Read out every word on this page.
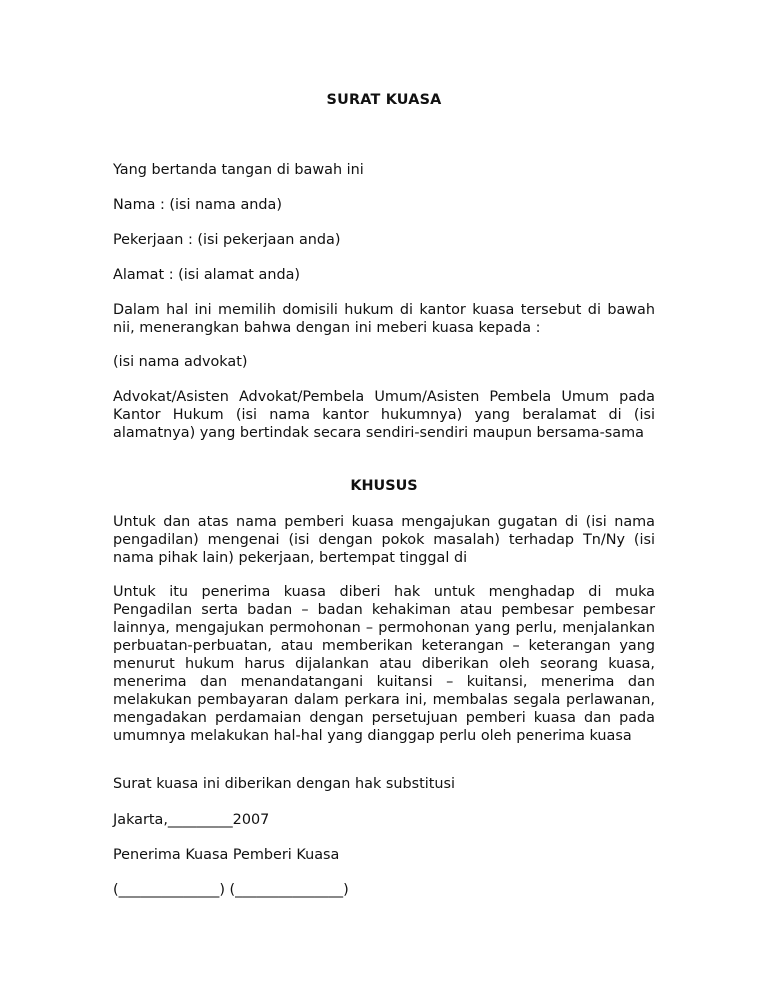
SURAT KUASA

Yang bertanda tangan di bawah ini

Nama : (isi nama anda)

Pekerjaan : (isi pekerjaan anda)

Alamat : (isi alamat anda)

Dalam hal ini memilih domisili hukum di kantor kuasa tersebut di bawah nii, menerangkan bahwa dengan ini meberi kuasa kepada :

(isi nama advokat)

Advokat/Asisten Advokat/Pembela Umum/Asisten Pembela Umum pada Kantor Hukum (isi nama kantor hukumnya) yang beralamat di (isi alamatnya) yang bertindak secara sendiri-sendiri maupun bersama-sama

KHUSUS

Untuk dan atas nama pemberi kuasa mengajukan gugatan di (isi nama pengadilan) mengenai (isi dengan pokok masalah) terhadap Tn/Ny (isi nama pihak lain) pekerjaan, bertempat tinggal di

Untuk itu penerima kuasa diberi hak untuk menghadap di muka Pengadilan serta badan – badan kehakiman atau pembesar pembesar lainnya, mengajukan permohonan – permohonan yang perlu, menjalankan perbuatan-perbuatan, atau memberikan keterangan – keterangan yang menurut hukum harus dijalankan atau diberikan oleh seorang kuasa, menerima dan menandatangani kuitansi – kuitansi, menerima dan melakukan pembayaran dalam perkara ini, membalas segala perlawanan, mengadakan perdamaian dengan persetujuan pemberi kuasa dan pada umumnya melakukan hal-hal yang dianggap perlu oleh penerima kuasa

Surat kuasa ini diberikan dengan hak substitusi

Jakarta,_________2007

Penerima Kuasa Pemberi Kuasa

(______________) (_______________)
